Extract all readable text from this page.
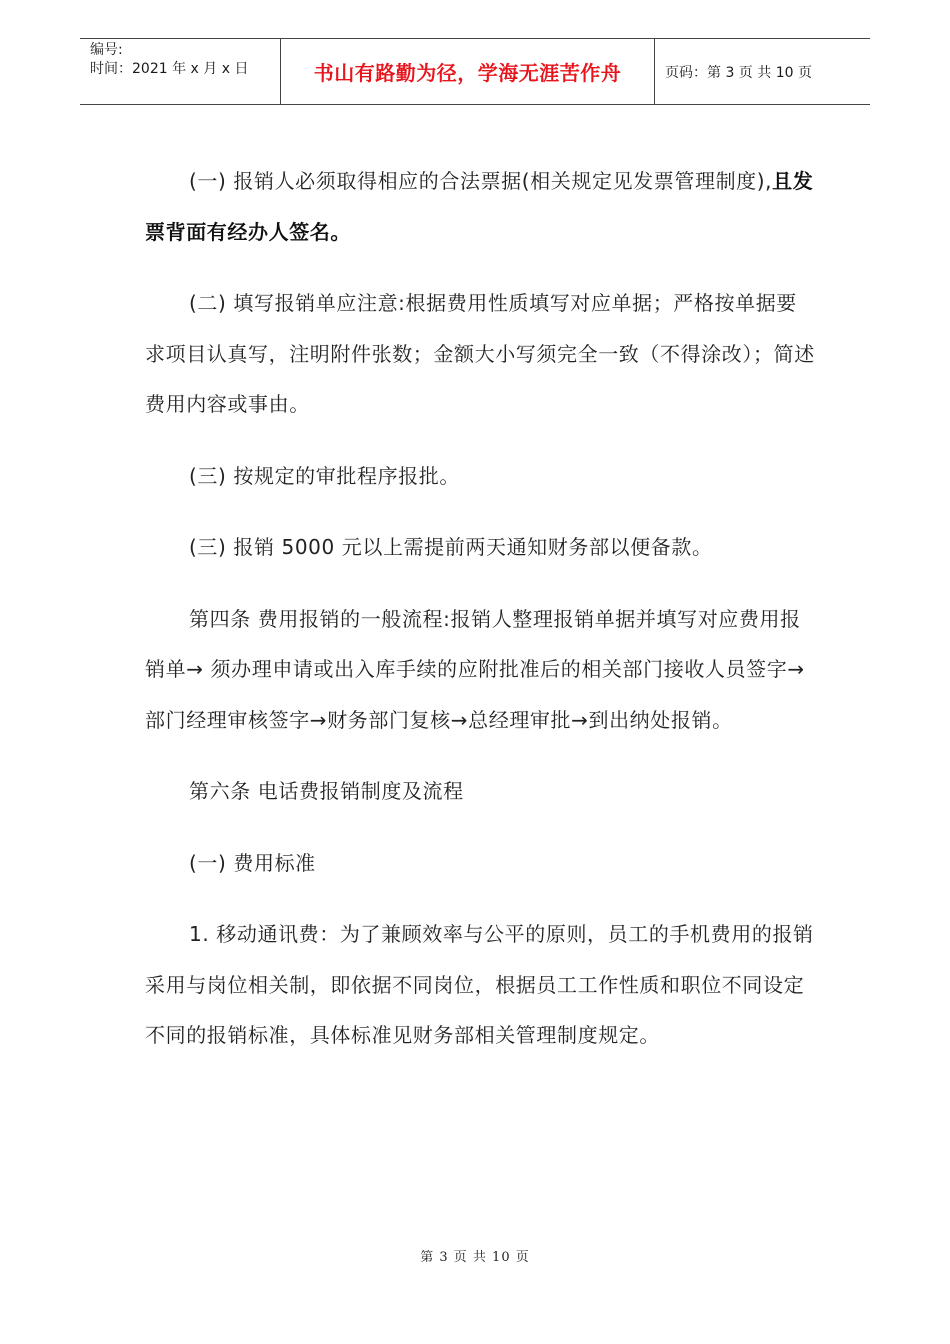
编号:
时间：2021 年 x 月 x 日	书山有路勤为径，学海无涯苦作舟	页码：第 3 页 共 10 页

(一) 报销人必须取得相应的合法票据(相关规定见发票管理制度),且发票背面有经办人签名。

(二) 填写报销单应注意:根据费用性质填写对应单据；严格按单据要求项目认真写，注明附件张数；金额大小写须完全一致（不得涂改）；简述费用内容或事由。

(三) 按规定的审批程序报批。

(三) 报销 5000 元以上需提前两天通知财务部以便备款。

第四条 费用报销的一般流程:报销人整理报销单据并填写对应费用报销单→ 须办理申请或出入库手续的应附批准后的相关部门接收人员签字→部门经理审核签字→财务部门复核→总经理审批→到出纳处报销。

第六条 电话费报销制度及流程

(一) 费用标准

1. 移动通讯费：为了兼顾效率与公平的原则，员工的手机费用的报销采用与岗位相关制，即依据不同岗位，根据员工工作性质和职位不同设定不同的报销标准，具体标准见财务部相关管理制度规定。

第 3 页 共 10 页
